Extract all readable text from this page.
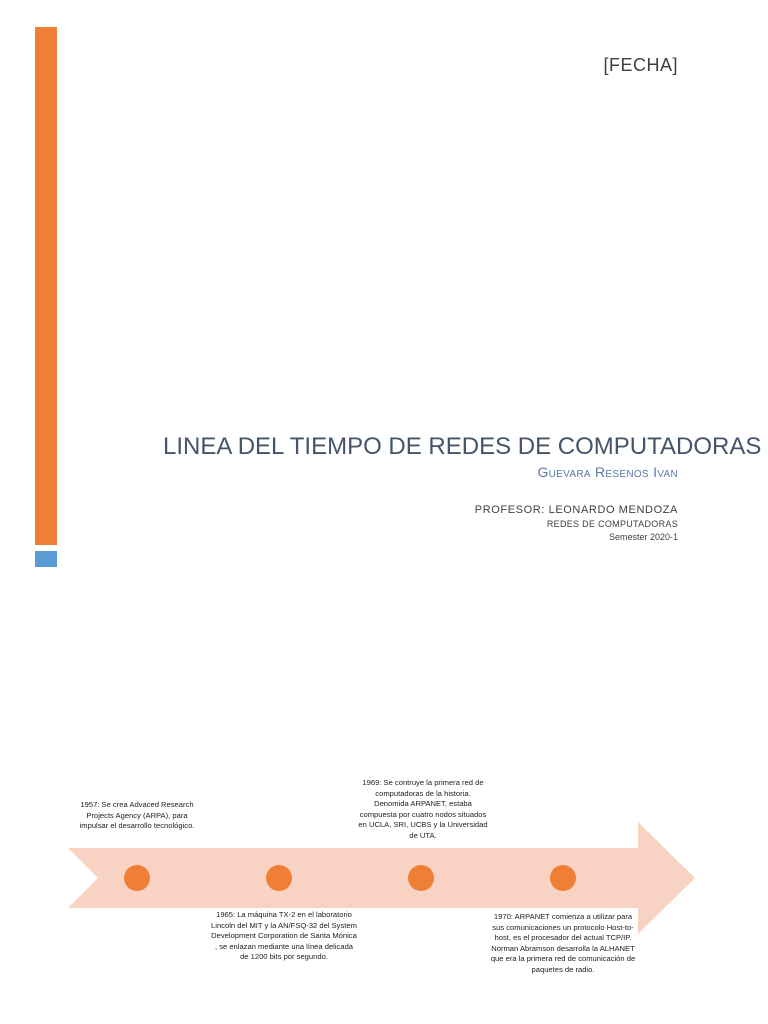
[FECHA]
LINEA DEL TIEMPO DE REDES DE COMPUTADORAS
Guevara Resenos Ivan
PROFESOR: LEONARDO MENDOZA
REDES DE COMPUTADORAS
Semester 2020-1
1957: Se crea Advaced Research Projects Agency (ARPA), para impulsar el desarrollo tecnológico.
1965: La máquina TX-2 en el laboratorio Lincoln del MIT y la AN/FSQ-32 del System Development Corporation de Santa Mónica , se enlazan mediante una línea delicada de 1200 bits por segundo.
1969: Se contruye la primera red de computadoras de la historia. Denomida ARPANET, estaba compuesta por cuatro nodos situados en UCLA, SRI, UCBS y la Universidad de UTA.
1970: ARPANET comienza a utilizar para sus comunicaciones un protocolo Host-to-host, es el procesador del actual TCP/IP. Norman Abramson desarrolla la ALHANET que era la primera red de comunicación de paquetes de radio.
